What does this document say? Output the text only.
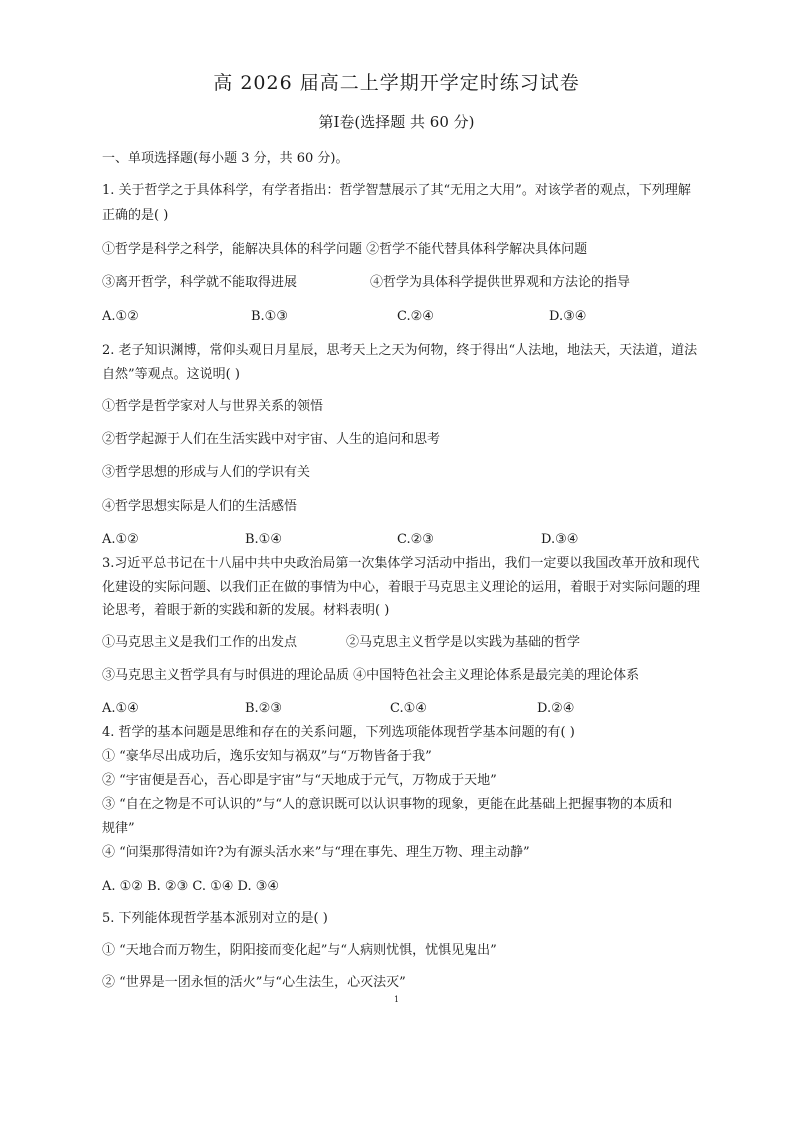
高 2026 届高二上学期开学定时练习试卷
第Ⅰ卷(选择题 共 60 分)
一、单项选择题(每小题 3 分，共 60 分)。
1. 关于哲学之于具体科学，有学者指出：哲学智慧展示了其“无用之大用”。对该学者的观点，下列理解
正确的是( )
①哲学是科学之科学，能解决具体的科学问题 ②哲学不能代替具体科学解决具体问题
③离开哲学，科学就不能取得进展	④哲学为具体科学提供世界观和方法论的指导
A.①②	B.①③	C.②④	D.③④
2. 老子知识渊博，常仰头观日月星辰，思考天上之天为何物，终于得出“人法地，地法天，天法道，道法
自然”等观点。这说明( )
①哲学是哲学家对人与世界关系的领悟
②哲学起源于人们在生活实践中对宇宙、人生的追问和思考
③哲学思想的形成与人们的学识有关
④哲学思想实际是人们的生活感悟
A.①②	B.①④	C.②③	D.③④
3.习近平总书记在十八届中共中央政治局第一次集体学习活动中指出，我们一定要以我国改革开放和现代
化建设的实际问题、以我们正在做的事情为中心，着眼于马克思主义理论的运用，着眼于对实际问题的理
论思考，着眼于新的实践和新的发展。材料表明( )
①马克思主义是我们工作的出发点	②马克思主义哲学是以实践为基础的哲学
③马克思主义哲学具有与时俱进的理论品质 ④中国特色社会主义理论体系是最完美的理论体系
A.①④	B.②③	C.①④	D.②④
4. 哲学的基本问题是思维和存在的关系问题，下列选项能体现哲学基本问题的有( )
① “豪华尽出成功后，逸乐安知与祸双”与“万物皆备于我”
② “宇宙便是吾心，吾心即是宇宙”与“天地成于元气，万物成于天地”
③ “自在之物是不可认识的”与“人的意识既可以认识事物的现象，更能在此基础上把握事物的本质和
规律”
④ “问渠那得清如许?为有源头活水来”与“理在事先、理生万物、理主动静”
A. ①② B. ②③ C. ①④ D. ③④
5. 下列能体现哲学基本派别对立的是( )
① “天地合而万物生，阴阳接而变化起”与“人病则忧惧，忧惧见鬼出”
② “世界是一团永恒的活火”与“心生法生，心灭法灭”
1
